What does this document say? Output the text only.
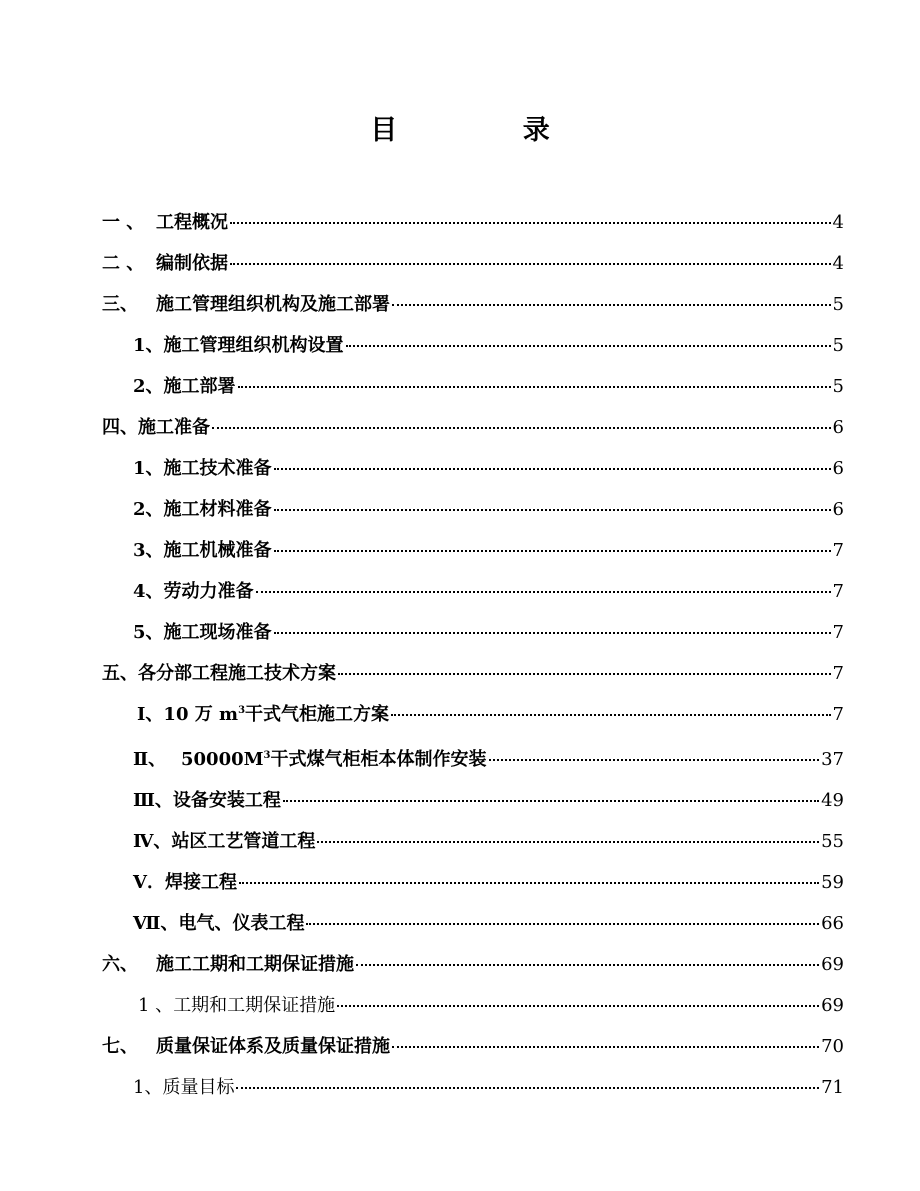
目 录
一 、 工程概况	4
二 、 编制依据	4
三、施工管理组织机构及施工部署	5
1、施工管理组织机构设置	5
2、施工部署	5
四、施工准备	6
1、施工技术准备	6
2、施工材料准备	6
3、施工机械准备	7
4、劳动力准备	7
5、施工现场准备	7
五、各分部工程施工技术方案	7
Ⅰ、10 万 $m^3$干式气柜施工方案	7
Ⅱ、$50000M^3$干式煤气柜柜本体制作安装	37
Ⅲ、设备安装工程	49
Ⅳ、站区工艺管道工程	55
Ⅴ．焊接工程	59
Ⅶ、电气、仪表工程	66
六、施工工期和工期保证措施	69
1 、工期和工期保证措施	69
七、质量保证体系及质量保证措施	70
1、质量目标	71
